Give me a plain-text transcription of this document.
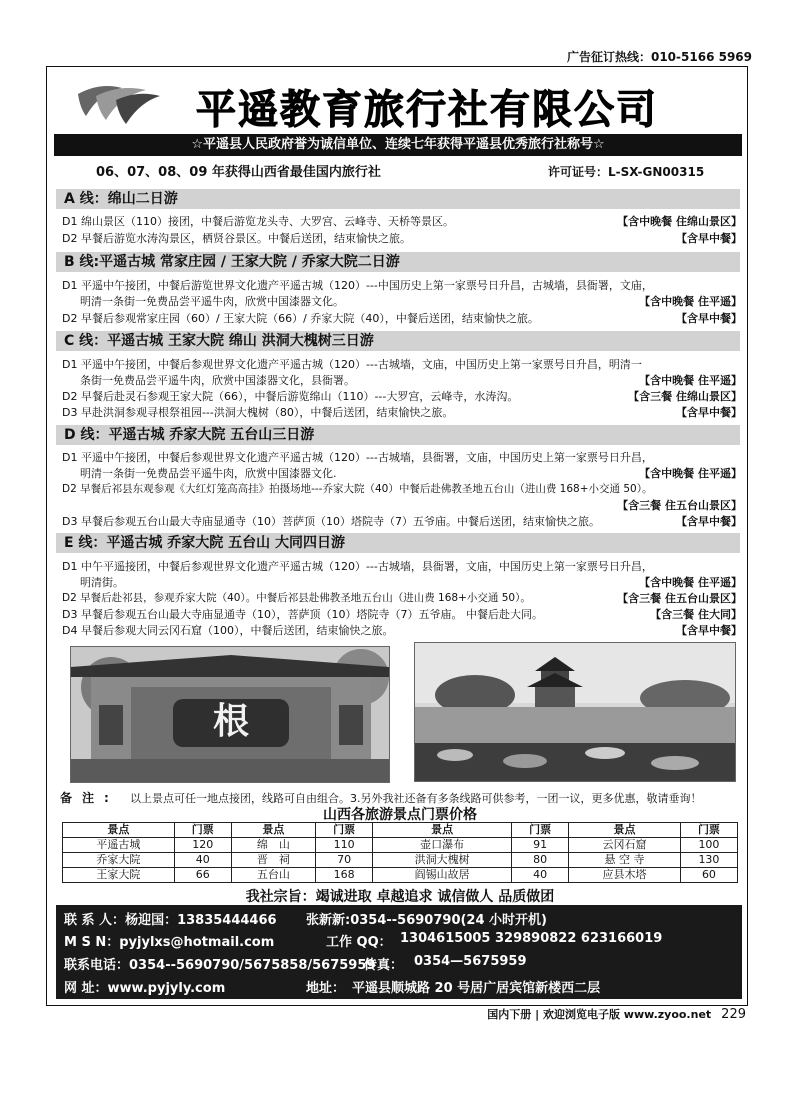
广告征订热线：010-5166 5969
平遥教育旅行社有限公司
☆平遥县人民政府誉为诚信单位、连续七年获得平遥县优秀旅行社称号☆
06、07、08、09 年获得山西省最佳国内旅行社	许可证号：L-SX-GN00315
A 线：绵山二日游
D1 绵山景区（110）接团，中餐后游览龙头寺、大罗宫、云峰寺、天桥等景区。	【含中晚餐 住绵山景区】
D2 早餐后游览水涛沟景区，栖贤谷景区。中餐后送团，结束愉快之旅。	【含早中餐】
B 线:平遥古城 常家庄园 / 王家大院 / 乔家大院二日游
D1 平遥中午接团，中餐后游览世界文化遗产平遥古城（120）---中国历史上第一家票号日升昌，古城墙，县衙署，文庙，
明清一条街一免费品尝平遥牛肉，欣赏中国漆器文化。	【含中晚餐 住平遥】
D2 早餐后参观常家庄园（60）/ 王家大院（66）/ 乔家大院（40），中餐后送团，结束愉快之旅。	【含早中餐】
C 线：平遥古城 王家大院 绵山 洪洞大槐树三日游
D1 平遥中午接团，中餐后参观世界文化遗产平遥古城（120）---古城墙，文庙，中国历史上第一家票号日升昌，明清一
条街一免费品尝平遥牛肉，欣赏中国漆器文化，县衙署。	【含中晚餐 住平遥】
D2 早餐后赴灵石参观王家大院（66），中餐后游览绵山（110）---大罗宫，云峰寺，水涛沟。	【含三餐 住绵山景区】
D3 早赴洪洞参观寻根祭祖园---洪洞大槐树（80），中餐后送团，结束愉快之旅。	【含早中餐】
D 线：平遥古城 乔家大院 五台山三日游
D1 平遥中午接团，中餐后参观世界文化遗产平遥古城（120）---古城墙，县衙署，文庙，中国历史上第一家票号日升昌，
明清一条街一免费品尝平遥牛肉，欣赏中国漆器文化.	【含中晚餐 住平遥】
D2 早餐后祁县东观参观《大红灯笼高高挂》拍摄场地---乔家大院（40）中餐后赴佛教圣地五台山（进山费 168+小交通 50）。
【含三餐 住五台山景区】
D3 早餐后参观五台山最大寺庙显通寺（10）菩萨顶（10）塔院寺（7）五爷庙。中餐后送团，结束愉快之旅。	【含早中餐】
E 线：平遥古城 乔家大院 五台山 大同四日游
D1 中午平遥接团，中餐后参观世界文化遗产平遥古城（120）---古城墙，县衙署，文庙，中国历史上第一家票号日升昌，
明清街。	【含中晚餐 住平遥】
D2 早餐后赴祁县，参观乔家大院（40）。中餐后祁县赴佛教圣地五台山（进山费 168+小交通 50）。	【含三餐 住五台山景区】
D3 早餐后参观五台山最大寺庙显通寺（10），菩萨顶（10）塔院寺（7）五爷庙。 中餐后赴大同。	【含三餐 住大同】
D4 早餐后参观大同云冈石窟（100），中餐后送团，结束愉快之旅。	【含早中餐】
根
备注: 以上景点可任一地点接团，线路可自由组合。3.另外我社还备有多条线路可供参考，一团一议，更多优惠，敬请垂询！
山西各旅游景点门票价格
景点	门票	景点	门票	景点	门票	景点	门票
平遥古城	120	绵　山	110	壶口瀑布	91	云冈石窟	100
乔家大院	40	晋　祠	70	洪洞大槐树	80	悬 空 寺	130
王家大院	66	五台山	168	阎锡山故居	40	应县木塔	60
我社宗旨：竭诚进取 卓越追求 诚信做人 品质做团
联 系 人：杨迎国：13835444466 张新新:0354--5690790(24 小时开机)
M S N：pyjylxs@hotmail.com	工作 QQ： 1304615005 329890822 623166019
联系电话：0354--5690790/5675858/5675959
传真： 0354—5675959
网 址：www.pyjyly.com	地址： 平遥县顺城路 20 号居广居宾馆新楼西二层
国内下册 | 欢迎浏览电子版 www.zyoo.net 229
